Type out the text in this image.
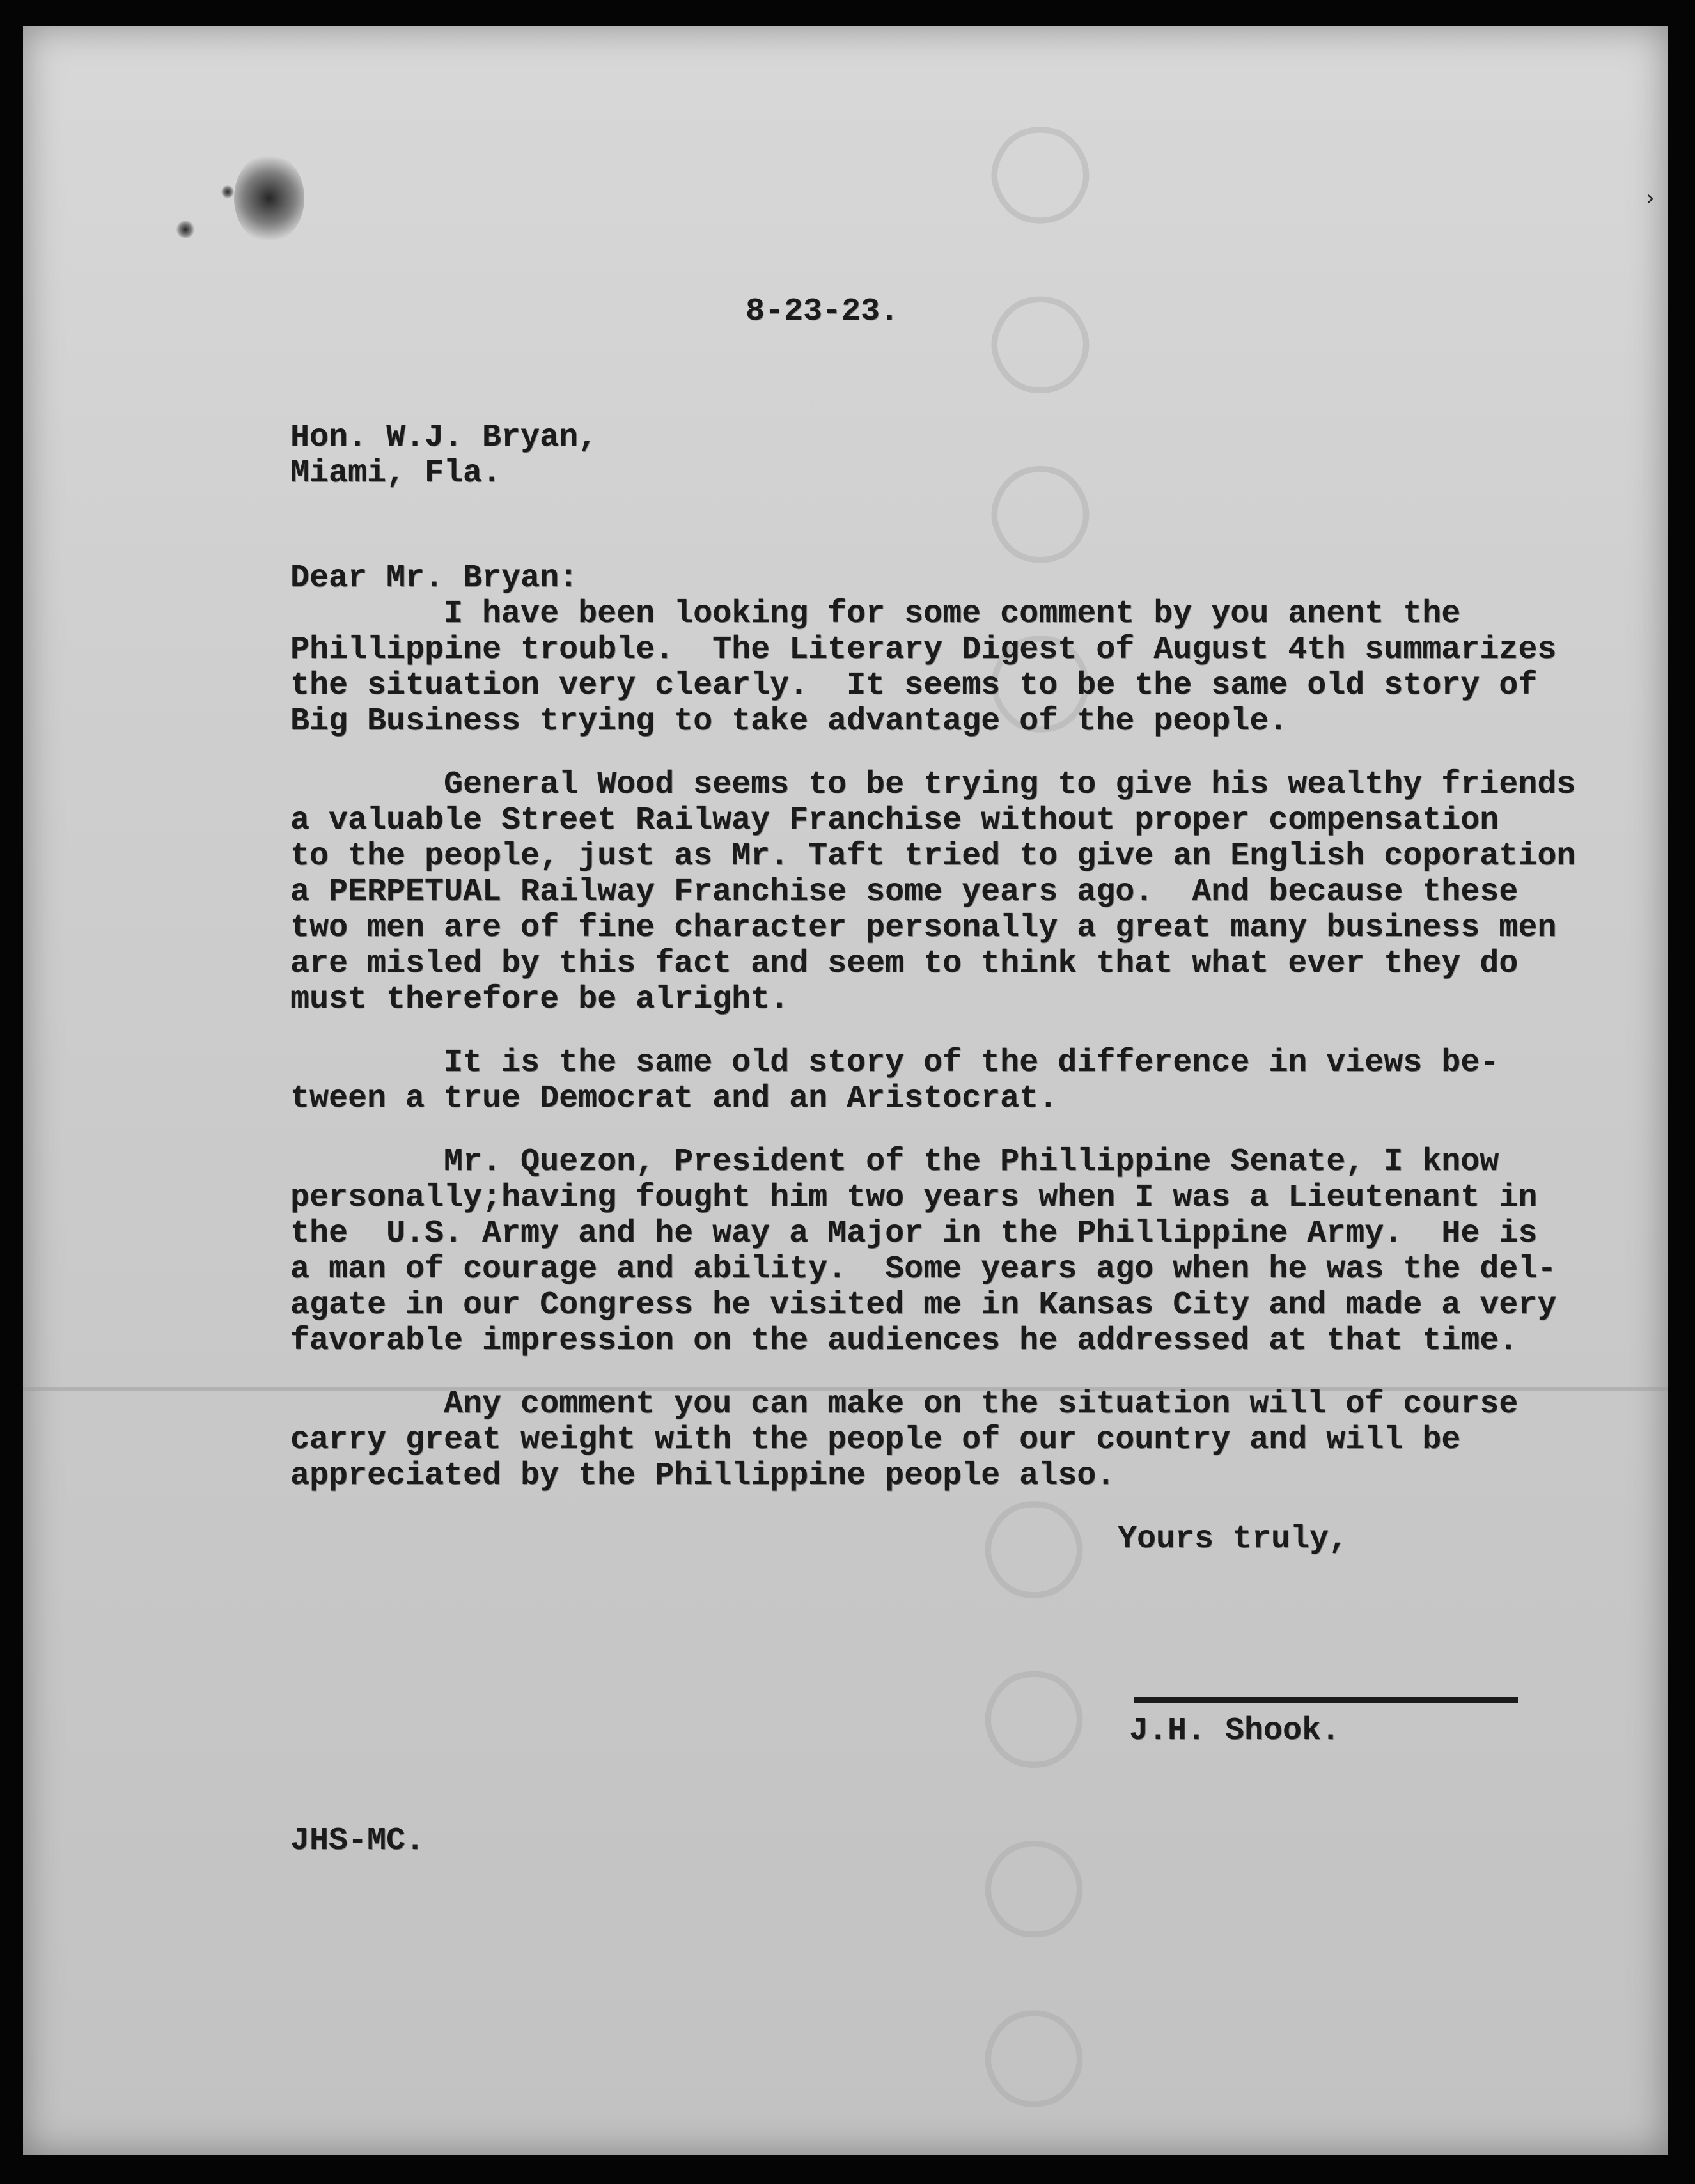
◯ ◯ ◯ ◯
◯ ◯ ◯ ◯
›
8-23-23.
Hon. W.J. Bryan,
Miami, Fla.
Dear Mr. Bryan:
I have been looking for some comment by you anent the
Phillippine trouble.  The Literary Digest of August 4th summarizes
the situation very clearly.  It seems to be the same old story of
Big Business trying to take advantage of the people.
General Wood seems to be trying to give his wealthy friends
a valuable Street Railway Franchise without proper compensation
to the people, just as Mr. Taft tried to give an English coporation
a PERPETUAL Railway Franchise some years ago.  And because these
two men are of fine character personally a great many business men
are misled by this fact and seem to think that what ever they do
must therefore be alright.
It is the same old story of the difference in views be-
tween a true Democrat and an Aristocrat.
Mr. Quezon, President of the Phillippine Senate, I know
personally;having fought him two years when I was a Lieutenant in
the  U.S. Army and he way a Major in the Phillippine Army.  He is
a man of courage and ability.  Some years ago when he was the del-
agate in our Congress he visited me in Kansas City and made a very
favorable impression on the audiences he addressed at that time.
Any comment you can make on the situation will of course
carry great weight with the people of our country and will be
appreciated by the Phillippine people also.
Yours truly,
J.H. Shook.
JHS-MC.
